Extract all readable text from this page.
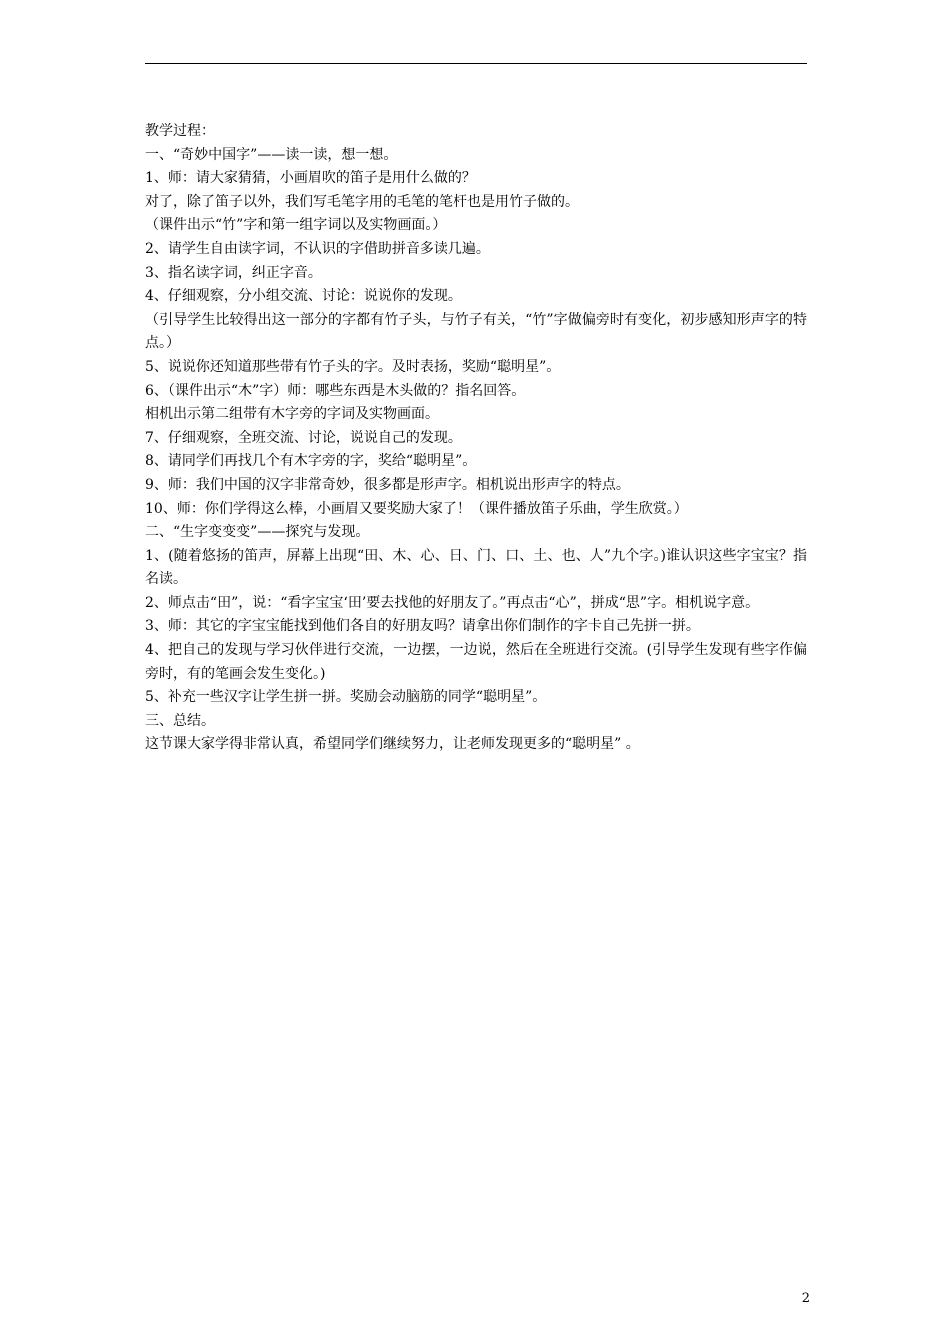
教学过程：

一、“奇妙中国字”——读一读，想一想。

1、师：请大家猜猜，小画眉吹的笛子是用什么做的？

对了，除了笛子以外，我们写毛笔字用的毛笔的笔杆也是用竹子做的。

（课件出示“竹”字和第一组字词以及实物画面。）

2、请学生自由读字词，不认识的字借助拼音多读几遍。

3、指名读字词，纠正字音。

4、仔细观察，分小组交流、讨论：说说你的发现。

（引导学生比较得出这一部分的字都有竹子头，与竹子有关，“竹”字做偏旁时有变化，初步感知形声字的特点。）

5、说说你还知道那些带有竹子头的字。及时表扬，奖励“聪明星”。

6、（课件出示“木”字）师：哪些东西是木头做的？指名回答。

相机出示第二组带有木字旁的字词及实物画面。

7、仔细观察，全班交流、讨论，说说自己的发现。

8、请同学们再找几个有木字旁的字，奖给“聪明星”。

9、师：我们中国的汉字非常奇妙，很多都是形声字。相机说出形声字的特点。

10、师：你们学得这么棒，小画眉又要奖励大家了！（课件播放笛子乐曲，学生欣赏。）

二、“生字变变变”——探究与发现。

1、(随着悠扬的笛声，屏幕上出现“田、木、心、日、门、口、土、也、人”九个字。)谁认识这些字宝宝？指名读。

2、师点击“田”，说：“看字宝宝‘田’要去找他的好朋友了。”再点击“心”，拼成“思”字。相机说字意。

3、师：其它的字宝宝能找到他们各自的好朋友吗？请拿出你们制作的字卡自己先拼一拼。

4、把自己的发现与学习伙伴进行交流，一边摆，一边说，然后在全班进行交流。(引导学生发现有些字作偏旁时，有的笔画会发生变化。)

5、补充一些汉字让学生拼一拼。奖励会动脑筋的同学“聪明星”。

三、总结。

这节课大家学得非常认真，希望同学们继续努力，让老师发现更多的“聪明星” 。

2
